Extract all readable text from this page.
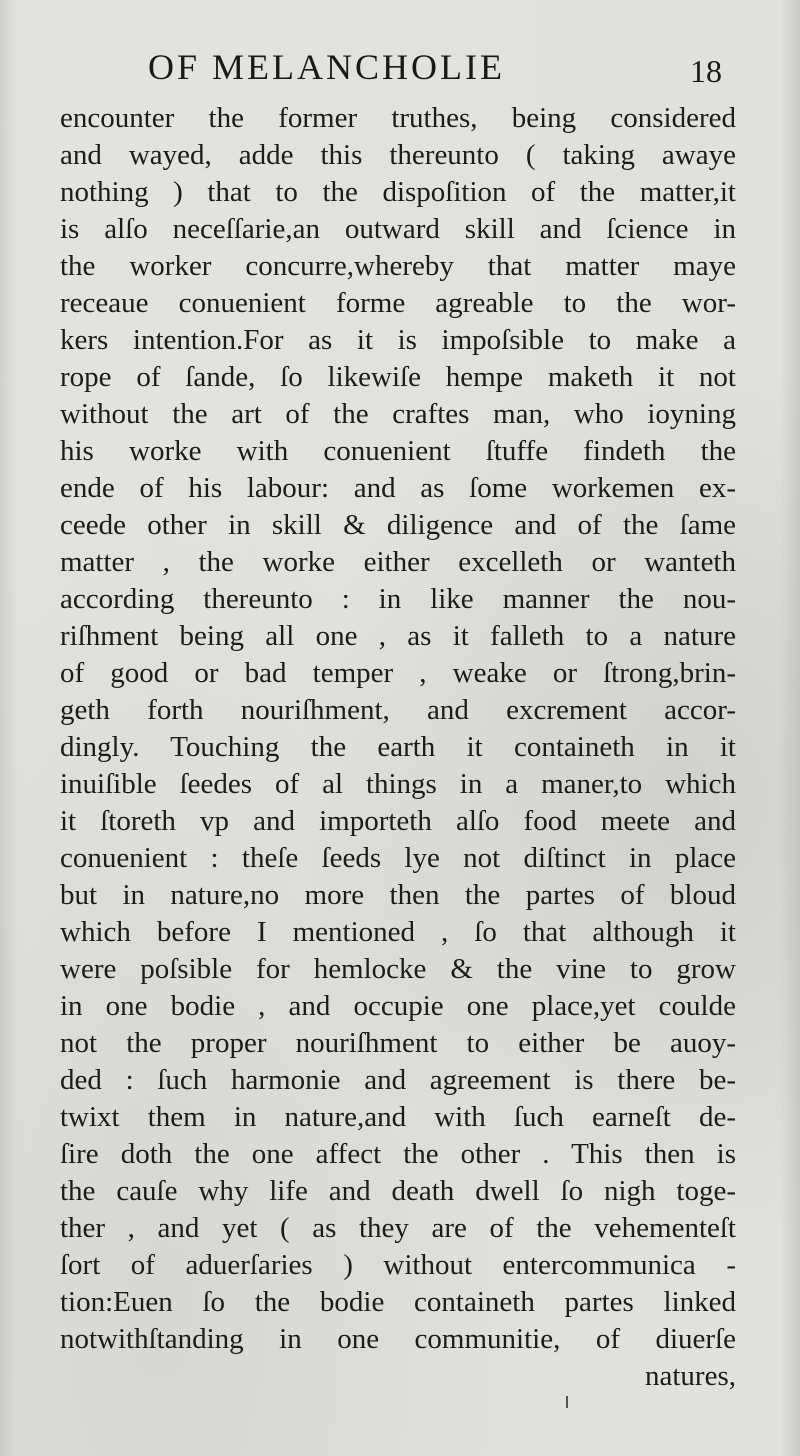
OF MELANCHOLIE	18
encounter the former truthes, being considered
and wayed, adde this thereunto ( taking awaye
nothing ) that to the dispoſition of the matter,it
is alſo neceſſarie,an outward skill and ſcience in
the worker concurre,whereby that matter maye
receaue conuenient forme agreable to the wor-
kers intention.For as it is impoſsible to make a
rope of ſande, ſo likewiſe hempe maketh it not
without the art of the craftes man, who ioyning
his worke with conuenient ſtuffe findeth the
ende of his labour: and as ſome workemen ex-
ceede other in skill & diligence and of the ſame
matter , the worke either excelleth or wanteth
according thereunto : in like manner the nou-
riſhment being all one , as it falleth to a nature
of good or bad temper , weake or ſtrong,brin-
geth forth nouriſhment, and excrement accor-
dingly. Touching the earth it containeth in it
inuiſible ſeedes of al things in a maner,to which
it ſtoreth vp and importeth alſo food meete and
conuenient : theſe ſeeds lye not diſtinct in place
but in nature,no more then the partes of bloud
which before I mentioned , ſo that although it
were poſsible for hemlocke & the vine to grow
in one bodie , and occupie one place,yet coulde
not the proper nouriſhment to either be auoy-
ded : ſuch harmonie and agreement is there be-
twixt them in nature,and with ſuch earneſt de-
ſire doth the one affect the other . This then is
the cauſe why life and death dwell ſo nigh toge-
ther , and yet ( as they are of the vehementeſt
ſort of aduerſaries ) without entercommunica -
tion:Euen ſo the bodie containeth partes linked
notwithſtanding in one communitie, of diuerſe
natures,
